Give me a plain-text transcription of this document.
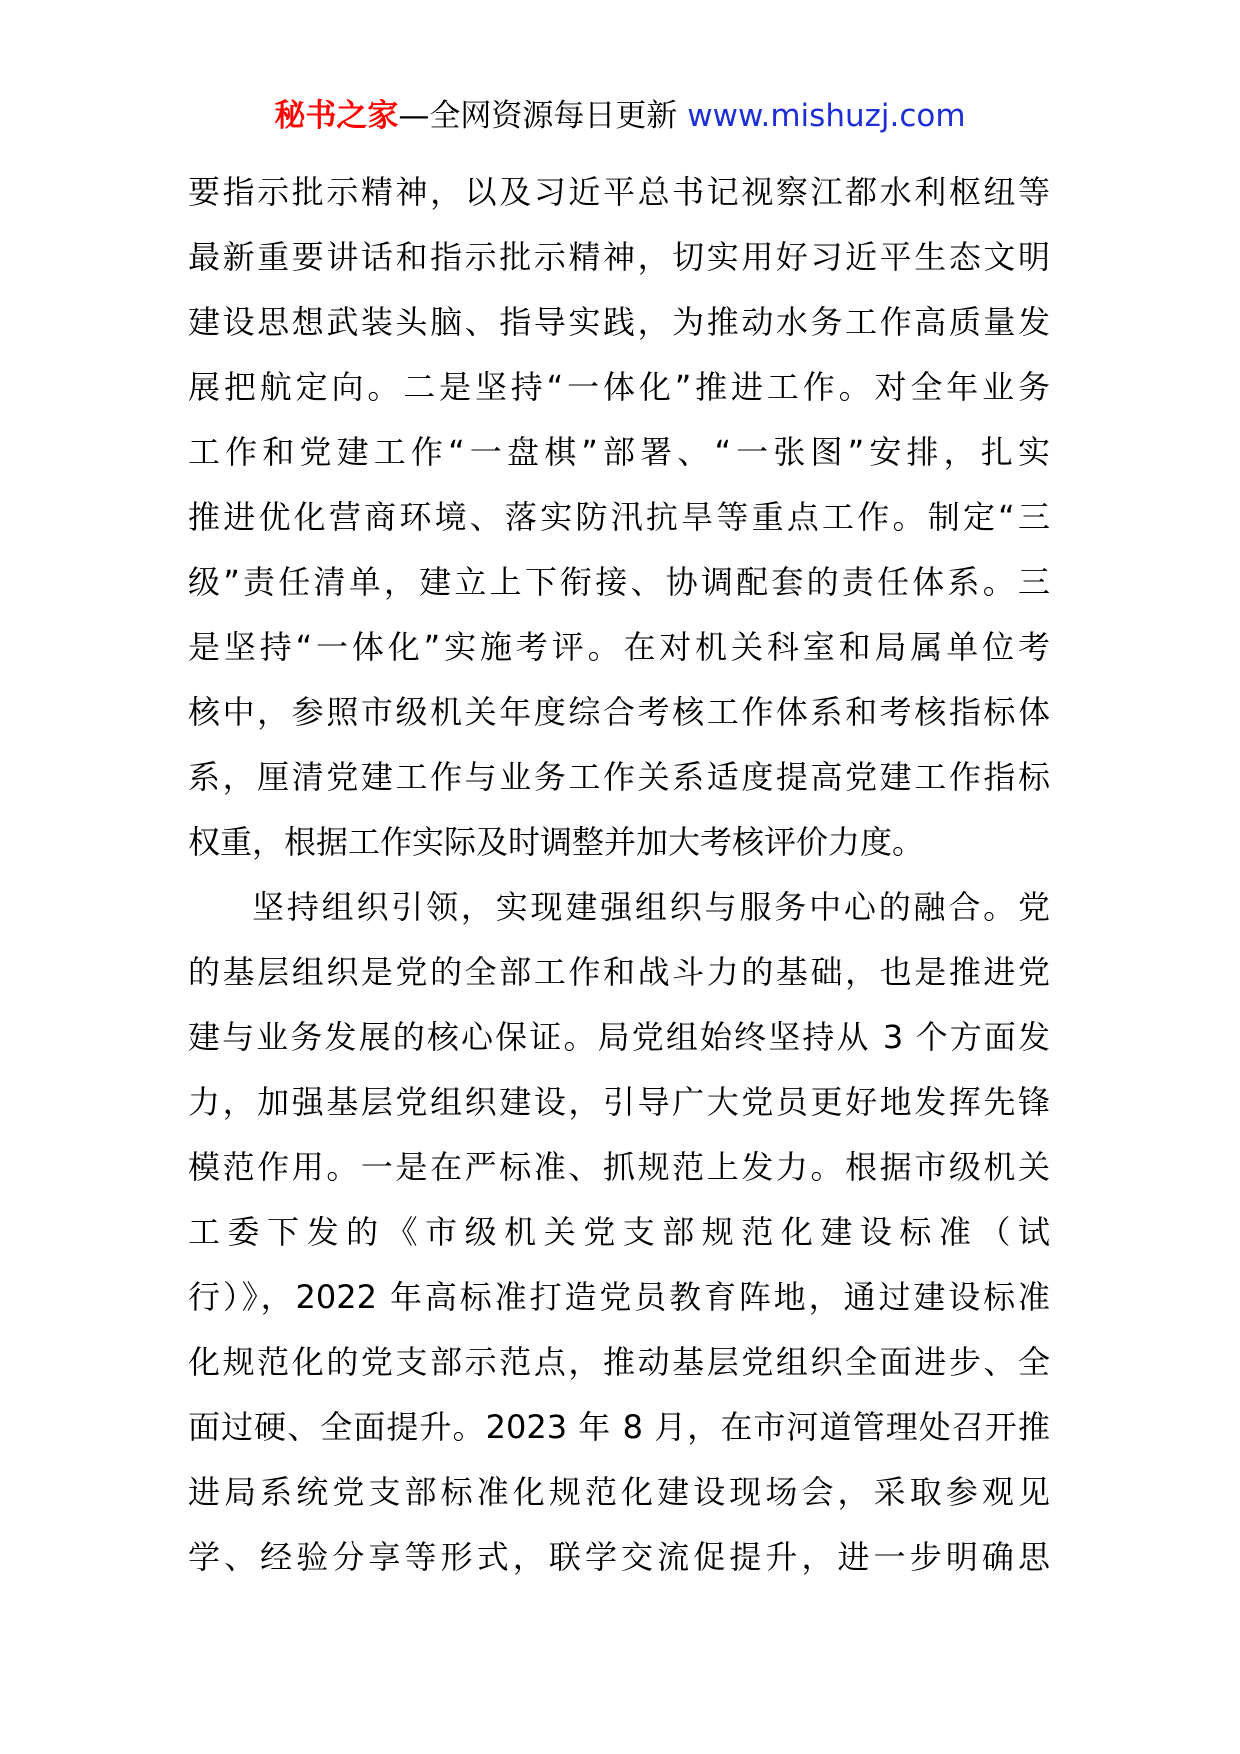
秘书之家—全网资源每日更新 www.mishuzj.com
要指示批示精神，以及习近平总书记视察江都水利枢纽等
最新重要讲话和指示批示精神，切实用好习近平生态文明
建设思想武装头脑、指导实践，为推动水务工作高质量发
展把航定向。二是坚持“一体化”推进工作。对全年业务
工作和党建工作“一盘棋”部署、“一张图”安排，扎实
推进优化营商环境、落实防汛抗旱等重点工作。制定“三
级”责任清单，建立上下衔接、协调配套的责任体系。三
是坚持“一体化”实施考评。在对机关科室和局属单位考
核中，参照市级机关年度综合考核工作体系和考核指标体
系，厘清党建工作与业务工作关系适度提高党建工作指标
权重，根据工作实际及时调整并加大考核评价力度。
坚持组织引领，实现建强组织与服务中心的融合。党
的基层组织是党的全部工作和战斗力的基础，也是推进党
建与业务发展的核心保证。局党组始终坚持从 3 个方面发
力，加强基层党组织建设，引导广大党员更好地发挥先锋
模范作用。一是在严标准、抓规范上发力。根据市级机关
工委下发的《市级机关党支部规范化建设标准（试
行）》，2022 年高标准打造党员教育阵地，通过建设标准
化规范化的党支部示范点，推动基层党组织全面进步、全
面过硬、全面提升。2023 年 8 月，在市河道管理处召开推
进局系统党支部标准化规范化建设现场会，采取参观见
学、经验分享等形式，联学交流促提升，进一步明确思
